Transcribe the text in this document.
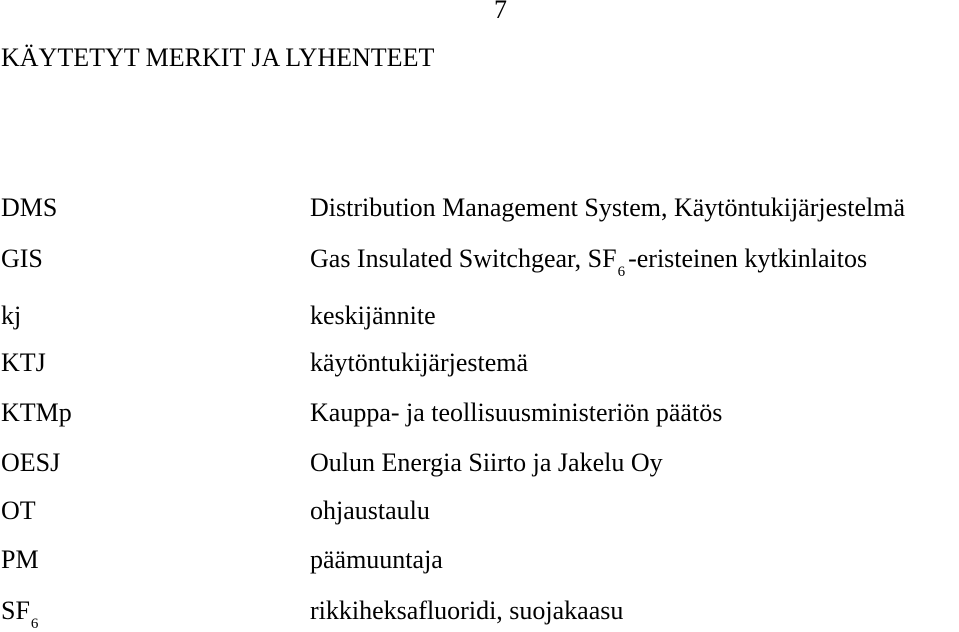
7
KÄYTETYT MERKIT JA LYHENTEET
DMS	Distribution Management System, Käytöntukijärjestelmä
GIS	Gas Insulated Switchgear, $SF_6$ -eristeinen kytkinlaitos
kj	keskijännite
KTJ	käytöntukijärjestemä
KTMp	Kauppa- ja teollisuusministeriön päätös
OESJ	Oulun Energia Siirto ja Jakelu Oy
OT	ohjaustaulu
PM	päämuuntaja
$SF_6$	rikkiheksafluoridi, suojakaasu
